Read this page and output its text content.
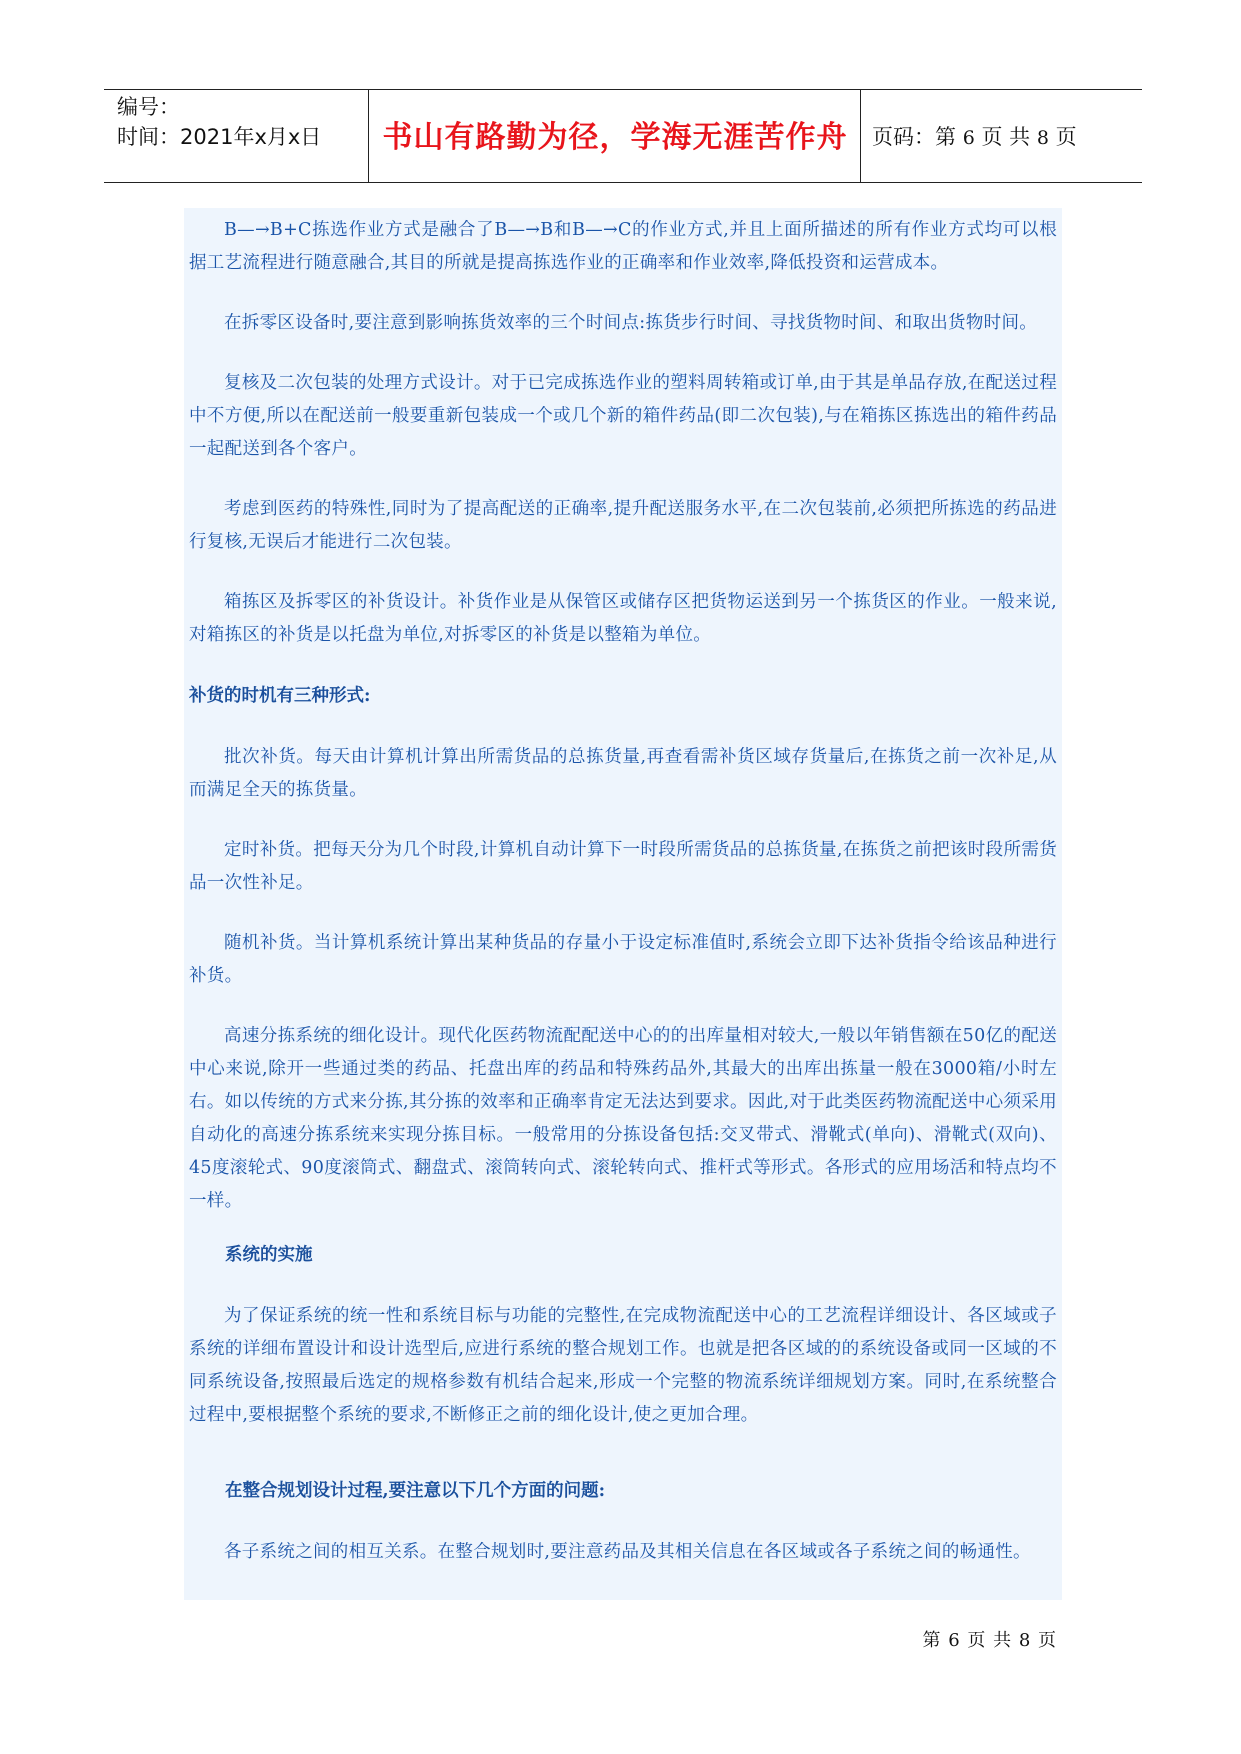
编号：
时间：2021年x月x日	书山有路勤为径，学海无涯苦作舟	页码：第 6 页 共 8 页

B—→B+C拣选作业方式是融合了B—→B和B—→C的作业方式,并且上面所描述的所有作业方式均可以根据工艺流程进行随意融合,其目的所就是提高拣选作业的正确率和作业效率,降低投资和运营成本。

在拆零区设备时,要注意到影响拣货效率的三个时间点:拣货步行时间、寻找货物时间、和取出货物时间。

复核及二次包装的处理方式设计。对于已完成拣选作业的塑料周转箱或订单,由于其是单品存放,在配送过程中不方便,所以在配送前一般要重新包装成一个或几个新的箱件药品(即二次包装),与在箱拣区拣选出的箱件药品一起配送到各个客户。

考虑到医药的特殊性,同时为了提高配送的正确率,提升配送服务水平,在二次包装前,必须把所拣选的药品进行复核,无误后才能进行二次包装。

箱拣区及拆零区的补货设计。补货作业是从保管区或储存区把货物运送到另一个拣货区的作业。一般来说,对箱拣区的补货是以托盘为单位,对拆零区的补货是以整箱为单位。

补货的时机有三种形式:

批次补货。每天由计算机计算出所需货品的总拣货量,再查看需补货区域存货量后,在拣货之前一次补足,从而满足全天的拣货量。

定时补货。把每天分为几个时段,计算机自动计算下一时段所需货品的总拣货量,在拣货之前把该时段所需货品一次性补足。

随机补货。当计算机系统计算出某种货品的存量小于设定标准值时,系统会立即下达补货指令给该品种进行补货。

高速分拣系统的细化设计。现代化医药物流配配送中心的的出库量相对较大,一般以年销售额在50亿的配送中心来说,除开一些通过类的药品、托盘出库的药品和特殊药品外,其最大的出库出拣量一般在3000箱/小时左右。如以传统的方式来分拣,其分拣的效率和正确率肯定无法达到要求。因此,对于此类医药物流配送中心须采用自动化的高速分拣系统来实现分拣目标。一般常用的分拣设备包括:交叉带式、滑靴式(单向)、滑靴式(双向)、45度滚轮式、90度滚筒式、翻盘式、滚筒转向式、滚轮转向式、推杆式等形式。各形式的应用场活和特点均不一样。

系统的实施

为了保证系统的统一性和系统目标与功能的完整性,在完成物流配送中心的工艺流程详细设计、各区域或子系统的详细布置设计和设计选型后,应进行系统的整合规划工作。也就是把各区域的的系统设备或同一区域的不同系统设备,按照最后选定的规格参数有机结合起来,形成一个完整的物流系统详细规划方案。同时,在系统整合过程中,要根据整个系统的要求,不断修正之前的细化设计,使之更加合理。

在整合规划设计过程,要注意以下几个方面的问题:

各子系统之间的相互关系。在整合规划时,要注意药品及其相关信息在各区域或各子系统之间的畅通性。

第 6 页 共 8 页
